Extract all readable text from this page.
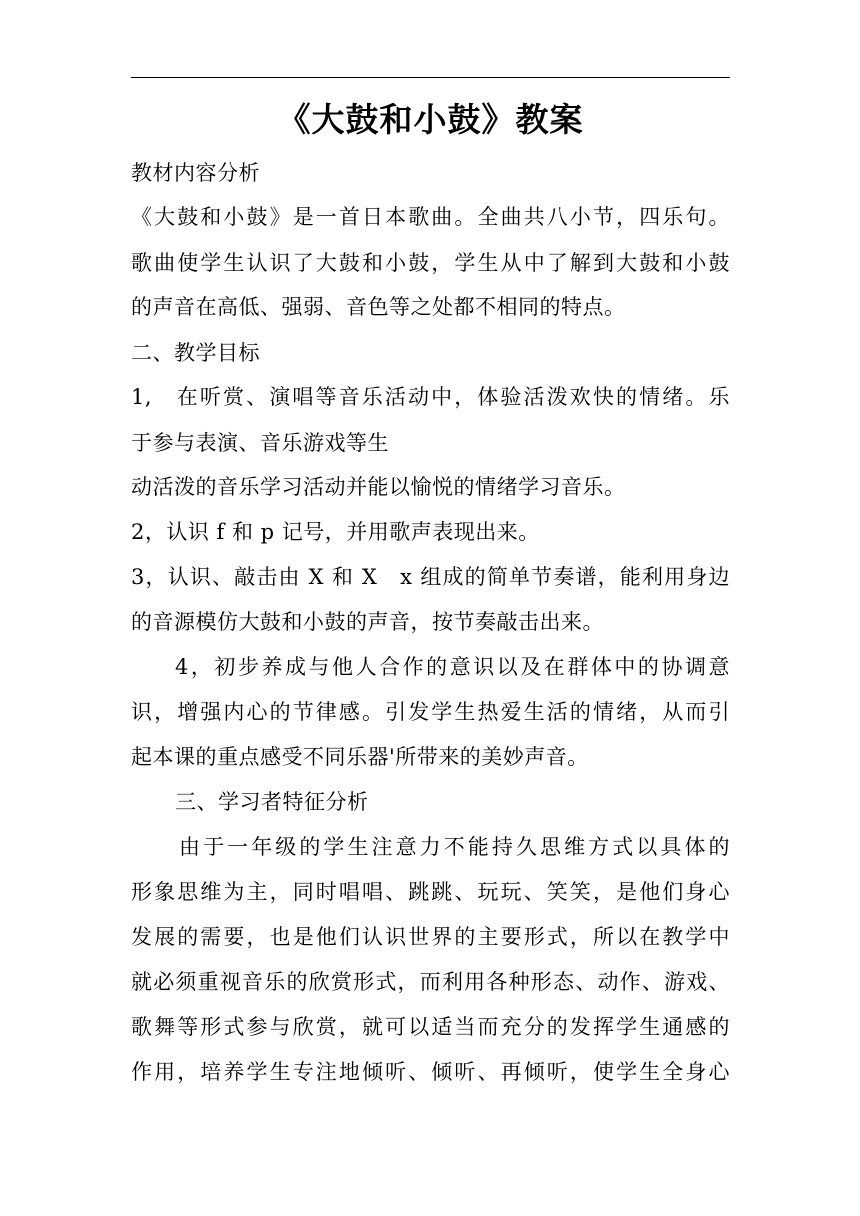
《大鼓和小鼓》教案
教材内容分析
《大鼓和小鼓》是一首日本歌曲。全曲共八小节，四乐句。
歌曲使学生认识了大鼓和小鼓，学生从中了解到大鼓和小鼓
的声音在高低、强弱、音色等之处都不相同的特点。
二、教学目标
1,　在听赏、演唱等音乐活动中，体验活泼欢快的情绪。乐
于参与表演、音乐游戏等生
动活泼的音乐学习活动并能以愉悦的情绪学习音乐。
2，认识 f 和 p 记号，并用歌声表现出来。
3，认识、敲击由 X 和 X　x 组成的简单节奏谱，能利用身边
的音源模仿大鼓和小鼓的声音，按节奏敲击出来。
4，初步养成与他人合作的意识以及在群体中的协调意
识，增强内心的节律感。引发学生热爱生活的情绪，从而引
起本课的重点感受不同乐器'所带来的美妙声音。
三、学习者特征分析
由于一年级的学生注意力不能持久思维方式以具体的
形象思维为主，同时唱唱、跳跳、玩玩、笑笑，是他们身心
发展的需要，也是他们认识世界的主要形式，所以在教学中
就必须重视音乐的欣赏形式，而利用各种形态、动作、游戏、
歌舞等形式参与欣赏，就可以适当而充分的发挥学生通感的
作用，培养学生专注地倾听、倾听、再倾听，使学生全身心
